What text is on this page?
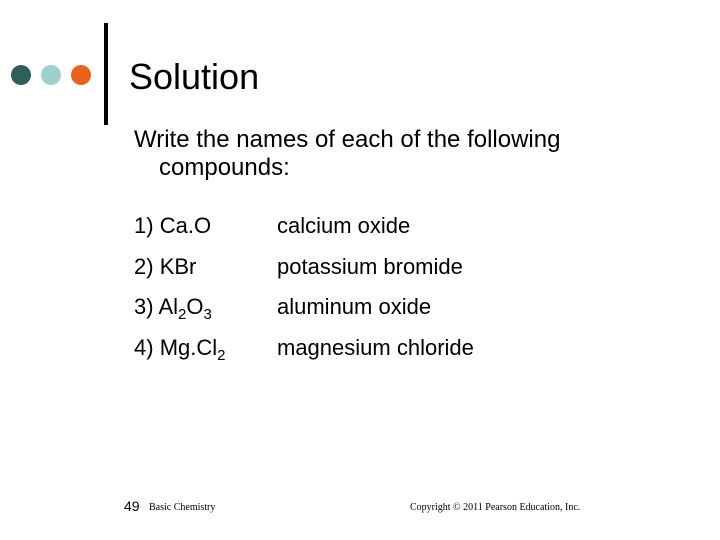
Solution
Write the names of each of the following
compounds:
1) Ca.O	calcium oxide
2) KBr	potassium bromide
3) $Al_2O_3$	aluminum oxide
4) $Mg.Cl_2$ magnesium chloride
49 Basic Chemistry	Copyright © 2011 Pearson Education, Inc.
